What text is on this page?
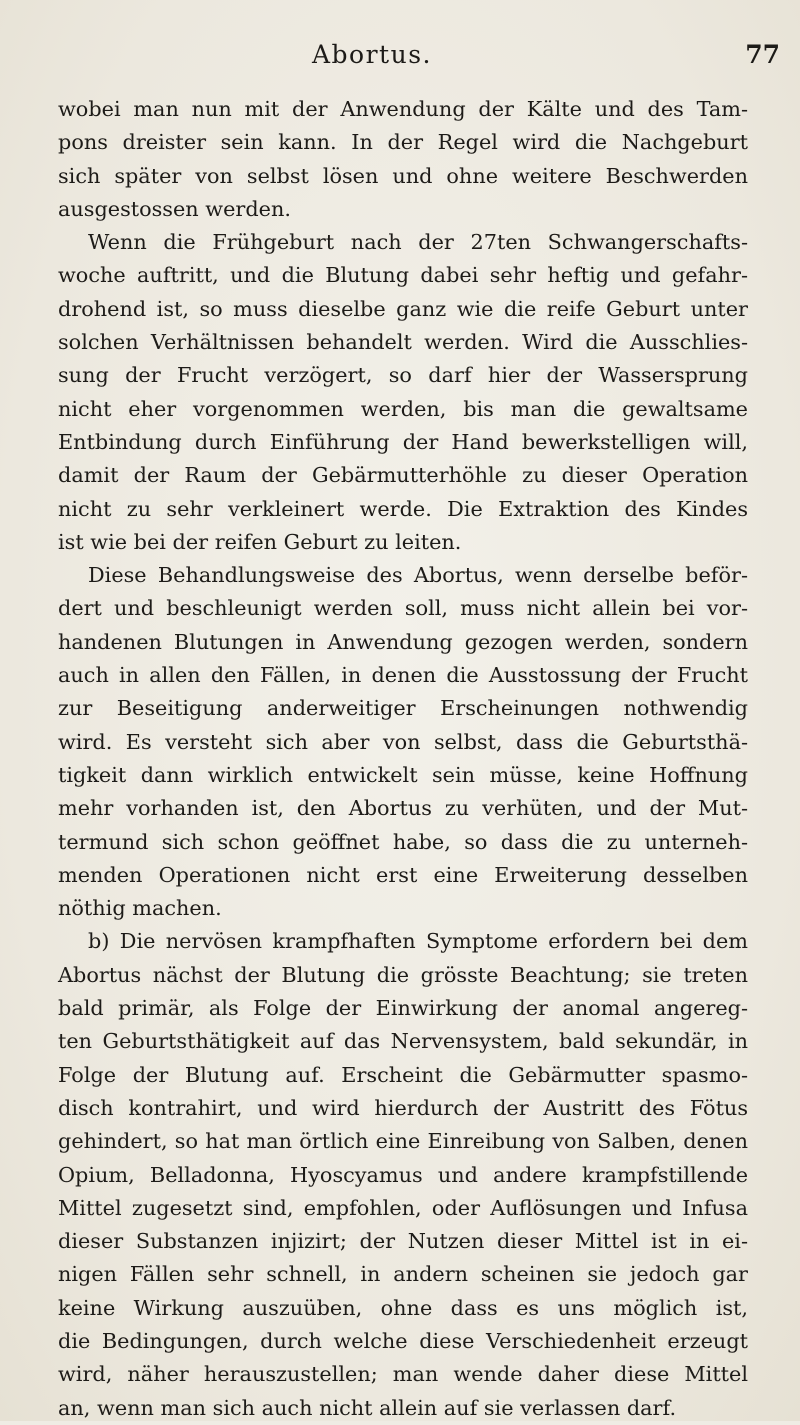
Abortus.	77
wobei man nun mit der Anwendung der Kälte und des Tam-
pons dreister sein kann. In der Regel wird die Nachgeburt
sich später von selbst lösen und ohne weitere Beschwerden
ausgestossen werden.
Wenn die Frühgeburt nach der 27ten Schwangerschafts-
woche auftritt, und die Blutung dabei sehr heftig und gefahr-
drohend ist, so muss dieselbe ganz wie die reife Geburt unter
solchen Verhältnissen behandelt werden. Wird die Ausschlies-
sung der Frucht verzögert, so darf hier der Wassersprung
nicht eher vorgenommen werden, bis man die gewaltsame
Entbindung durch Einführung der Hand bewerkstelligen will,
damit der Raum der Gebärmutterhöhle zu dieser Operation
nicht zu sehr verkleinert werde. Die Extraktion des Kindes
ist wie bei der reifen Geburt zu leiten.
Diese Behandlungsweise des Abortus, wenn derselbe beför-
dert und beschleunigt werden soll, muss nicht allein bei vor-
handenen Blutungen in Anwendung gezogen werden, sondern
auch in allen den Fällen, in denen die Ausstossung der Frucht
zur Beseitigung anderweitiger Erscheinungen nothwendig
wird. Es versteht sich aber von selbst, dass die Geburtsthä-
tigkeit dann wirklich entwickelt sein müsse, keine Hoffnung
mehr vorhanden ist, den Abortus zu verhüten, und der Mut-
termund sich schon geöffnet habe, so dass die zu unterneh-
menden Operationen nicht erst eine Erweiterung desselben
nöthig machen.
b) Die nervösen krampfhaften Symptome erfordern bei dem
Abortus nächst der Blutung die grösste Beachtung; sie treten
bald primär, als Folge der Einwirkung der anomal angereg-
ten Geburtsthätigkeit auf das Nervensystem, bald sekundär, in
Folge der Blutung auf. Erscheint die Gebärmutter spasmo-
disch kontrahirt, und wird hierdurch der Austritt des Fötus
gehindert, so hat man örtlich eine Einreibung von Salben, denen
Opium, Belladonna, Hyoscyamus und andere krampfstillende
Mittel zugesetzt sind, empfohlen, oder Auflösungen und Infusa
dieser Substanzen injizirt; der Nutzen dieser Mittel ist in ei-
nigen Fällen sehr schnell, in andern scheinen sie jedoch gar
keine Wirkung auszuüben, ohne dass es uns möglich ist,
die Bedingungen, durch welche diese Verschiedenheit erzeugt
wird, näher herauszustellen; man wende daher diese Mittel
an, wenn man sich auch nicht allein auf sie verlassen darf.
